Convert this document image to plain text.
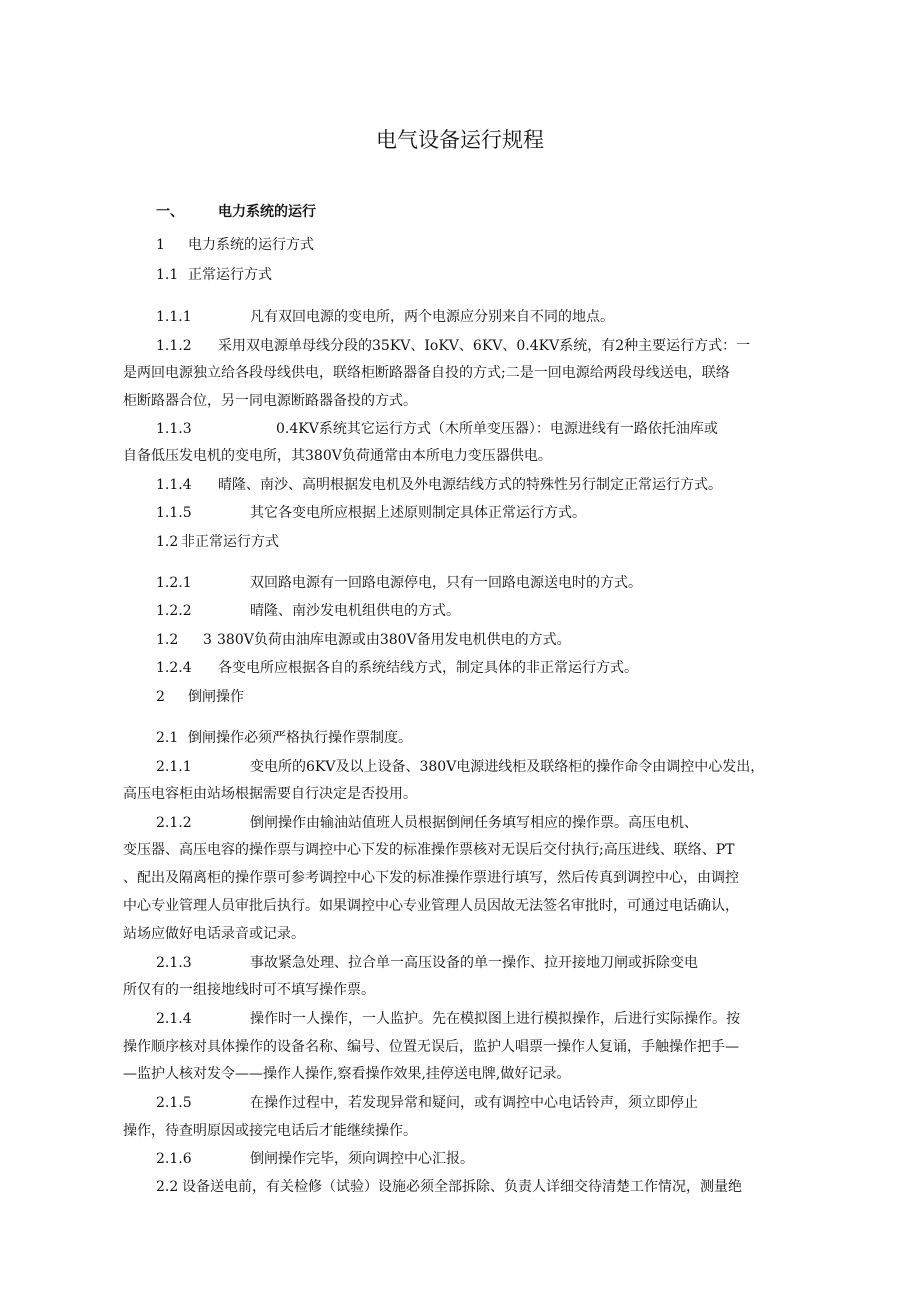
电气设备运行规程
一、 电力系统的运行
1 电力系统的运行方式
1.1 正常运行方式
1.1.1	凡有双回电源的变电所，两个电源应分别来自不同的地点。
1.1.2 采用双电源单母线分段的35KV、IoKV、6KV、0.4KV系统，有2种主要运行方式：一
是两回电源独立给各段母线供电，联络柜断路器备自投的方式;二是一回电源给两段母线送电，联络
柜断路器合位，另一同电源断路器备投的方式。
1.1.3	0.4KV系统其它运行方式（木所单变压器）：电源进线有一路依托油库或
自备低压发电机的变电所，其380V负荷通常由本所电力变压器供电。
1.1.4 晴隆、南沙、高明根据发电机及外电源结线方式的特殊性另行制定正常运行方式。
1.1.5	其它各变电所应根据上述原则制定具体正常运行方式。
1.2 非正常运行方式
1.2.1	双回路电源有一回路电源停电，只有一回路电源送电时的方式。
1.2.2	晴隆、南沙发电机组供电的方式。
1.2 3 380V负荷由油库电源或由380V备用发电机供电的方式。
1.2.4 各变电所应根据各自的系统结线方式，制定具体的非正常运行方式。
2 倒闸操作
2.1 倒闸操作必须严格执行操作票制度。
2.1.1	变电所的6KV及以上设备、380V电源进线柜及联络柜的操作命令由调控中心发出，
高压电容柜由站场根据需要自行决定是否投用。
2.1.2	倒闸操作由输油站值班人员根据倒闸任务填写相应的操作票。高压电机、
变压器、高压电容的操作票与调控中心下发的标准操作票核对无误后交付执行;高压进线、联络、PT
、配出及隔离柜的操作票可参考调控中心下发的标准操作票进行填写，然后传真到调控中心，由调控
中心专业管理人员审批后执行。如果调控中心专业管理人员因故无法签名审批时，可通过电话确认，
站场应做好电话录音或记录。
2.1.3	事故紧急处理、拉合单一高压设备的单一操作、拉开接地刀闸或拆除变电
所仅有的一组接地线时可不填写操作票。
2.1.4	操作时一人操作，一人监护。先在模拟图上进行模拟操作，后进行实际操作。按
操作顺序核对具体操作的设备名称、编号、位置无误后，监护人唱票一操作人复诵，手触操作把手—
—监护人核对发令——操作人操作,察看操作效果,挂停送电牌,做好记录。
2.1.5	在操作过程中，若发现异常和疑问，或有调控中心电话铃声，须立即停止
操作，待查明原因或接完电话后才能继续操作。
2.1.6	倒闸操作完毕，须向调控中心汇报。
2.2 设备送电前，有关检修（试验）设施必须全部拆除、负责人详细交待清楚工作情况，测量绝
